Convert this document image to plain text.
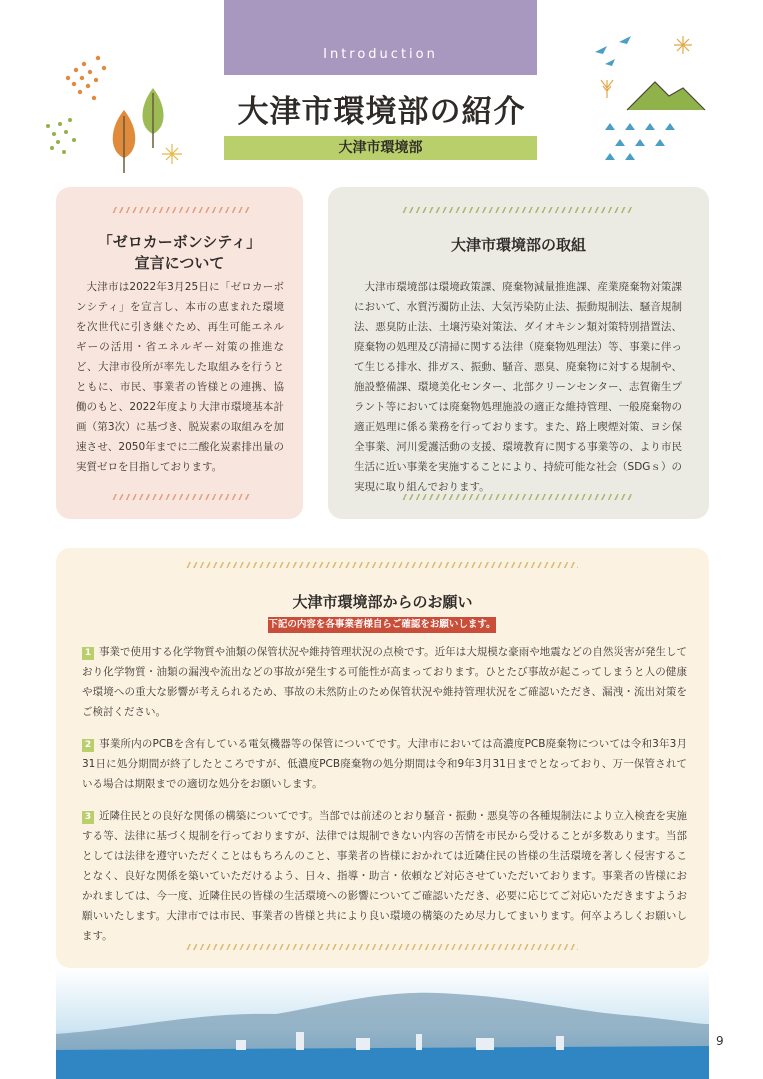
Introduction
大津市環境部の紹介
大津市環境部
「ゼロカーボンシティ」
宣言について

大津市は2022年3月25日に「ゼロカーボンシティ」を宣言し、本市の恵まれた環境を次世代に引き継ぐため、再生可能エネルギーの活用・省エネルギー対策の推進など、大津市役所が率先した取組みを行うとともに、市民、事業者の皆様との連携、協働のもと、2022年度より大津市環境基本計画（第3次）に基づき、脱炭素の取組みを加速させ、2050年までに二酸化炭素排出量の実質ゼロを目指しております。

大津市環境部の取組

大津市環境部は環境政策課、廃棄物減量推進課、産業廃棄物対策課において、水質汚濁防止法、大気汚染防止法、振動規制法、騒音規制法、悪臭防止法、土壌汚染対策法、ダイオキシン類対策特別措置法、廃棄物の処理及び清掃に関する法律（廃棄物処理法）等、事業に伴って生じる排水、排ガス、振動、騒音、悪臭、廃棄物に対する規制や、施設整備課、環境美化センター、北部クリーンセンター、志賀衛生プラント等においては廃棄物処理施設の適正な維持管理、一般廃棄物の適正処理に係る業務を行っております。また、路上喫煙対策、ヨシ保全事業、河川愛護活動の支援、環境教育に関する事業等の、より市民生活に近い事業を実施することにより、持続可能な社会（SDGｓ）の実現に取り組んでおります。

大津市環境部からのお願い

1 事業で使用する化学物質や油類の保管状況や維持管理状況の点検です。近年は大規模な豪雨や地震などの自然災害が発生しており化学物質・油類の漏洩や流出などの事故が発生する可能性が高まっております。ひとたび事故が起こってしまうと人の健康や環境への重大な影響が考えられるため、事故の未然防止のため保管状況や維持管理状況をご確認いただき、漏洩・流出対策をご検討ください。

2 事業所内のPCBを含有している電気機器等の保管についてです。大津市においては高濃度PCB廃棄物については令和3年3月31日に処分期間が終了したところですが、低濃度PCB廃棄物の処分期間は令和9年3月31日までとなっており、万一保管されている場合は期限までの適切な処分をお願いします。

3 近隣住民との良好な関係の構築についてです。当部では前述のとおり騒音・振動・悪臭等の各種規制法により立入検査を実施する等、法律に基づく規制を行っておりますが、法律では規制できない内容の苦情を市民から受けることが多数あります。当部としては法律を遵守いただくことはもちろんのこと、事業者の皆様におかれては近隣住民の皆様の生活環境を著しく侵害することなく、良好な関係を築いていただけるよう、日々、指導・助言・依頼など対応させていただいております。事業者の皆様におかれましては、今一度、近隣住民の皆様の生活環境への影響についてご確認いただき、必要に応じてご対応いただきますようお願いいたします。大津市では市民、事業者の皆様と共により良い環境の構築のため尽力してまいります。何卒よろしくお願いします。

下記の内容を各事業者様自らご確認をお願いします。
9
